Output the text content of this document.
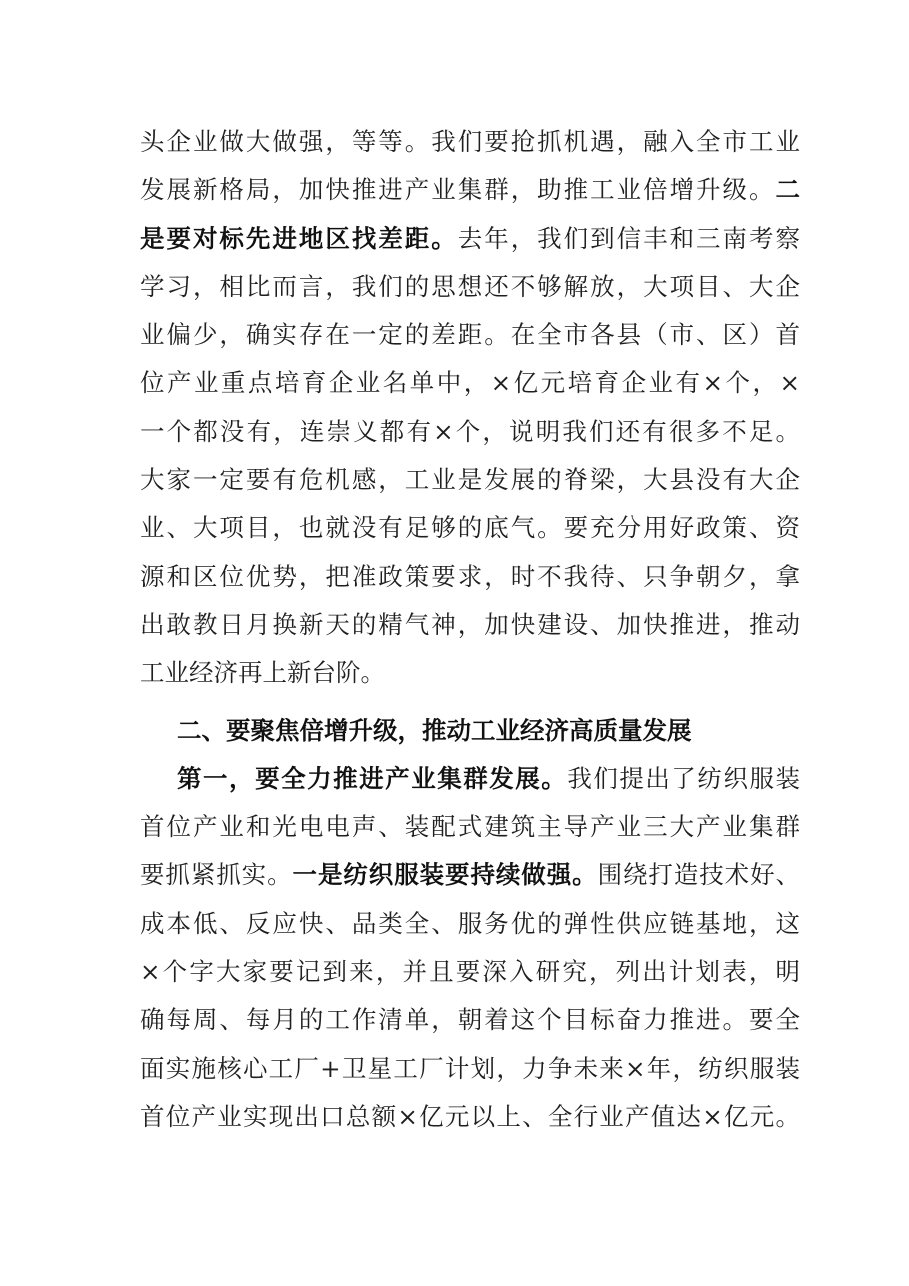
头企业做大做强，等等。我们要抢抓机遇，融入全市工业
发展新格局，加快推进产业集群，助推工业倍增升级。二
是要对标先进地区找差距。去年，我们到信丰和三南考察
学习，相比而言，我们的思想还不够解放，大项目、大企
业偏少，确实存在一定的差距。在全市各县（市、区）首
位产业重点培育企业名单中，×亿元培育企业有×个，×
一个都没有，连崇义都有×个，说明我们还有很多不足。
大家一定要有危机感，工业是发展的脊梁，大县没有大企
业、大项目，也就没有足够的底气。要充分用好政策、资
源和区位优势，把准政策要求，时不我待、只争朝夕，拿
出敢教日月换新天的精气神，加快建设、加快推进，推动
工业经济再上新台阶。
二、要聚焦倍增升级，推动工业经济高质量发展
第一，要全力推进产业集群发展。我们提出了纺织服装
首位产业和光电电声、装配式建筑主导产业三大产业集群
要抓紧抓实。一是纺织服装要持续做强。围绕打造技术好、
成本低、反应快、品类全、服务优的弹性供应链基地，这
×个字大家要记到来，并且要深入研究，列出计划表，明
确每周、每月的工作清单，朝着这个目标奋力推进。要全
面实施核心工厂+卫星工厂计划，力争未来×年，纺织服装
首位产业实现出口总额×亿元以上、全行业产值达×亿元。
